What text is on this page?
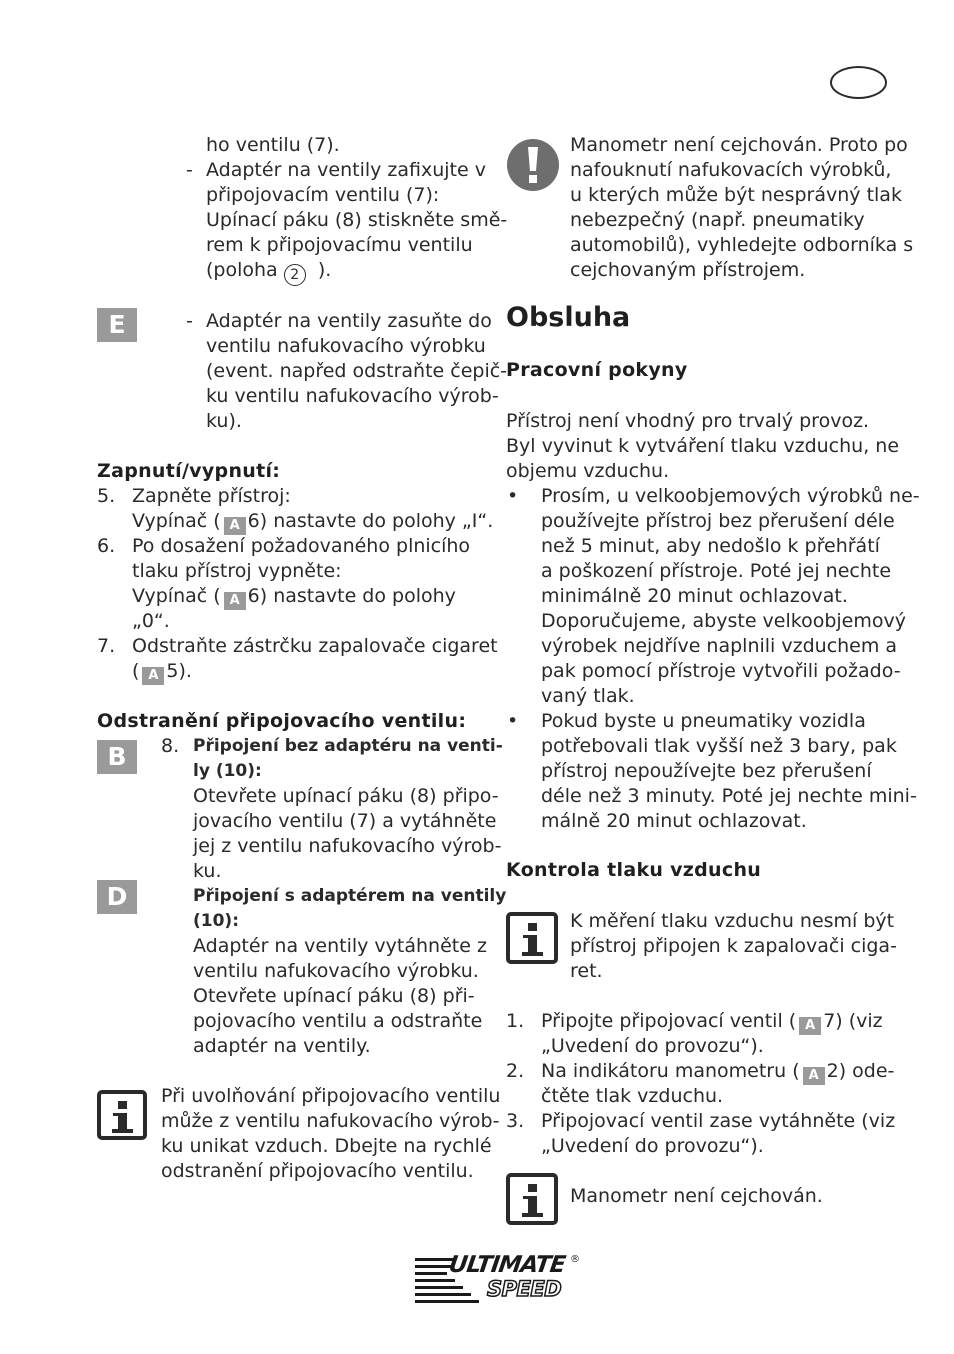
ho ventilu (7).
- Adaptér na ventily zafixujte v
připojovacím ventilu (7):
Upínací páku (8) stiskněte smě-
rem k připojovacímu ventilu
(poloha 2 ).
E	- Adaptér na ventily zasuňte do
ventilu nafukovacího výrobku
(event. napřed odstraňte čepič-
ku ventilu nafukovacího výrob-
ku).
Zapnutí/vypnutí:
5. Zapněte přístroj:
Vypínač ( A 6) nastavte do polohy „I“.
6. Po dosažení požadovaného plnicího
tlaku přístroj vypněte:
Vypínač ( A 6) nastavte do polohy
„0“.
7. Odstraňte zástrčku zapalovače cigaret
( A 5).
Odstranění připojovacího ventilu:
B	8. Připojení bez adaptéru na venti-
ly (10):
Otevřete upínací páku (8) připo-
jovacího ventilu (7) a vytáhněte
jej z ventilu nafukovacího výrob-
ku.
D	Připojení s adaptérem na ventily
(10):
Adaptér na ventily vytáhněte z
ventilu nafukovacího výrobku.
Otevřete upínací páku (8) při-
pojovacího ventilu a odstraňte
adaptér na ventily.
Při uvolňování připojovacího ventilu
může z ventilu nafukovacího výrob-
ku unikat vzduch. Dbejte na rychlé
odstranění připojovacího ventilu.
Manometr není cejchován. Proto po
nafouknutí nafukovacích výrobků,
u kterých může být nesprávný tlak
nebezpečný (např. pneumatiky
automobilů), vyhledejte odborníka s
cejchovaným přístrojem.
Obsluha
Pracovní pokyny
Přístroj není vhodný pro trvalý provoz.
Byl vyvinut k vytváření tlaku vzduchu, ne
objemu vzduchu.
• Prosím, u velkoobjemových výrobků ne-
používejte přístroj bez přerušení déle
než 5 minut, aby nedošlo k přehřátí
a poškození přístroje. Poté jej nechte
minimálně 20 minut ochlazovat.
Doporučujeme, abyste velkoobjemový
výrobek nejdříve naplnili vzduchem a
pak pomocí přístroje vytvořili požado-
vaný tlak.
• Pokud byste u pneumatiky vozidla
potřebovali tlak vyšší než 3 bary, pak
přístroj nepoužívejte bez přerušení
déle než 3 minuty. Poté jej nechte mini-
málně 20 minut ochlazovat.
Kontrola tlaku vzduchu
K měření tlaku vzduchu nesmí být
přístroj připojen k zapalovači ciga-
ret.
1. Připojte připojovací ventil ( A 7) (viz
„Uvedení do provozu“).
2. Na indikátoru manometru ( A 2) ode-
čtěte tlak vzduchu.
3. Připojovací ventil zase vytáhněte (viz
„Uvedení do provozu“).
Manometr není cejchován.
ULTIMATE
SPEED
®
